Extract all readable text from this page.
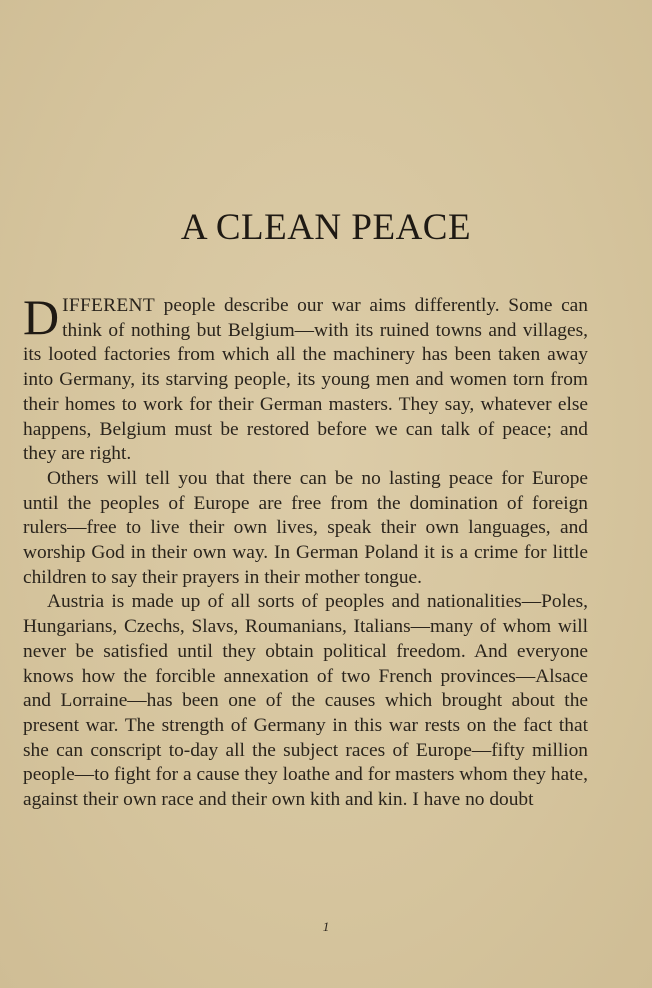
A CLEAN PEACE

DIFFERENT people describe our war aims differently. Some can think of nothing but Belgium—with its ruined towns and villages, its looted factories from which all the machinery has been taken away into Germany, its starving people, its young men and women torn from their homes to work for their German masters. They say, whatever else happens, Belgium must be restored before we can talk of peace; and they are right.

Others will tell you that there can be no lasting peace for Europe until the peoples of Europe are free from the domination of foreign rulers—free to live their own lives, speak their own languages, and worship God in their own way. In German Poland it is a crime for little children to say their prayers in their mother tongue.

Austria is made up of all sorts of peoples and nationalities—Poles, Hungarians, Czechs, Slavs, Roumanians, Italians—many of whom will never be satisfied until they obtain political freedom. And everyone knows how the forcible annexation of two French provinces—Alsace and Lorraine—has been one of the causes which brought about the present war. The strength of Germany in this war rests on the fact that she can conscript to-day all the subject races of Europe—fifty million people—to fight for a cause they loathe and for masters whom they hate, against their own race and their own kith and kin. I have no doubt

1
